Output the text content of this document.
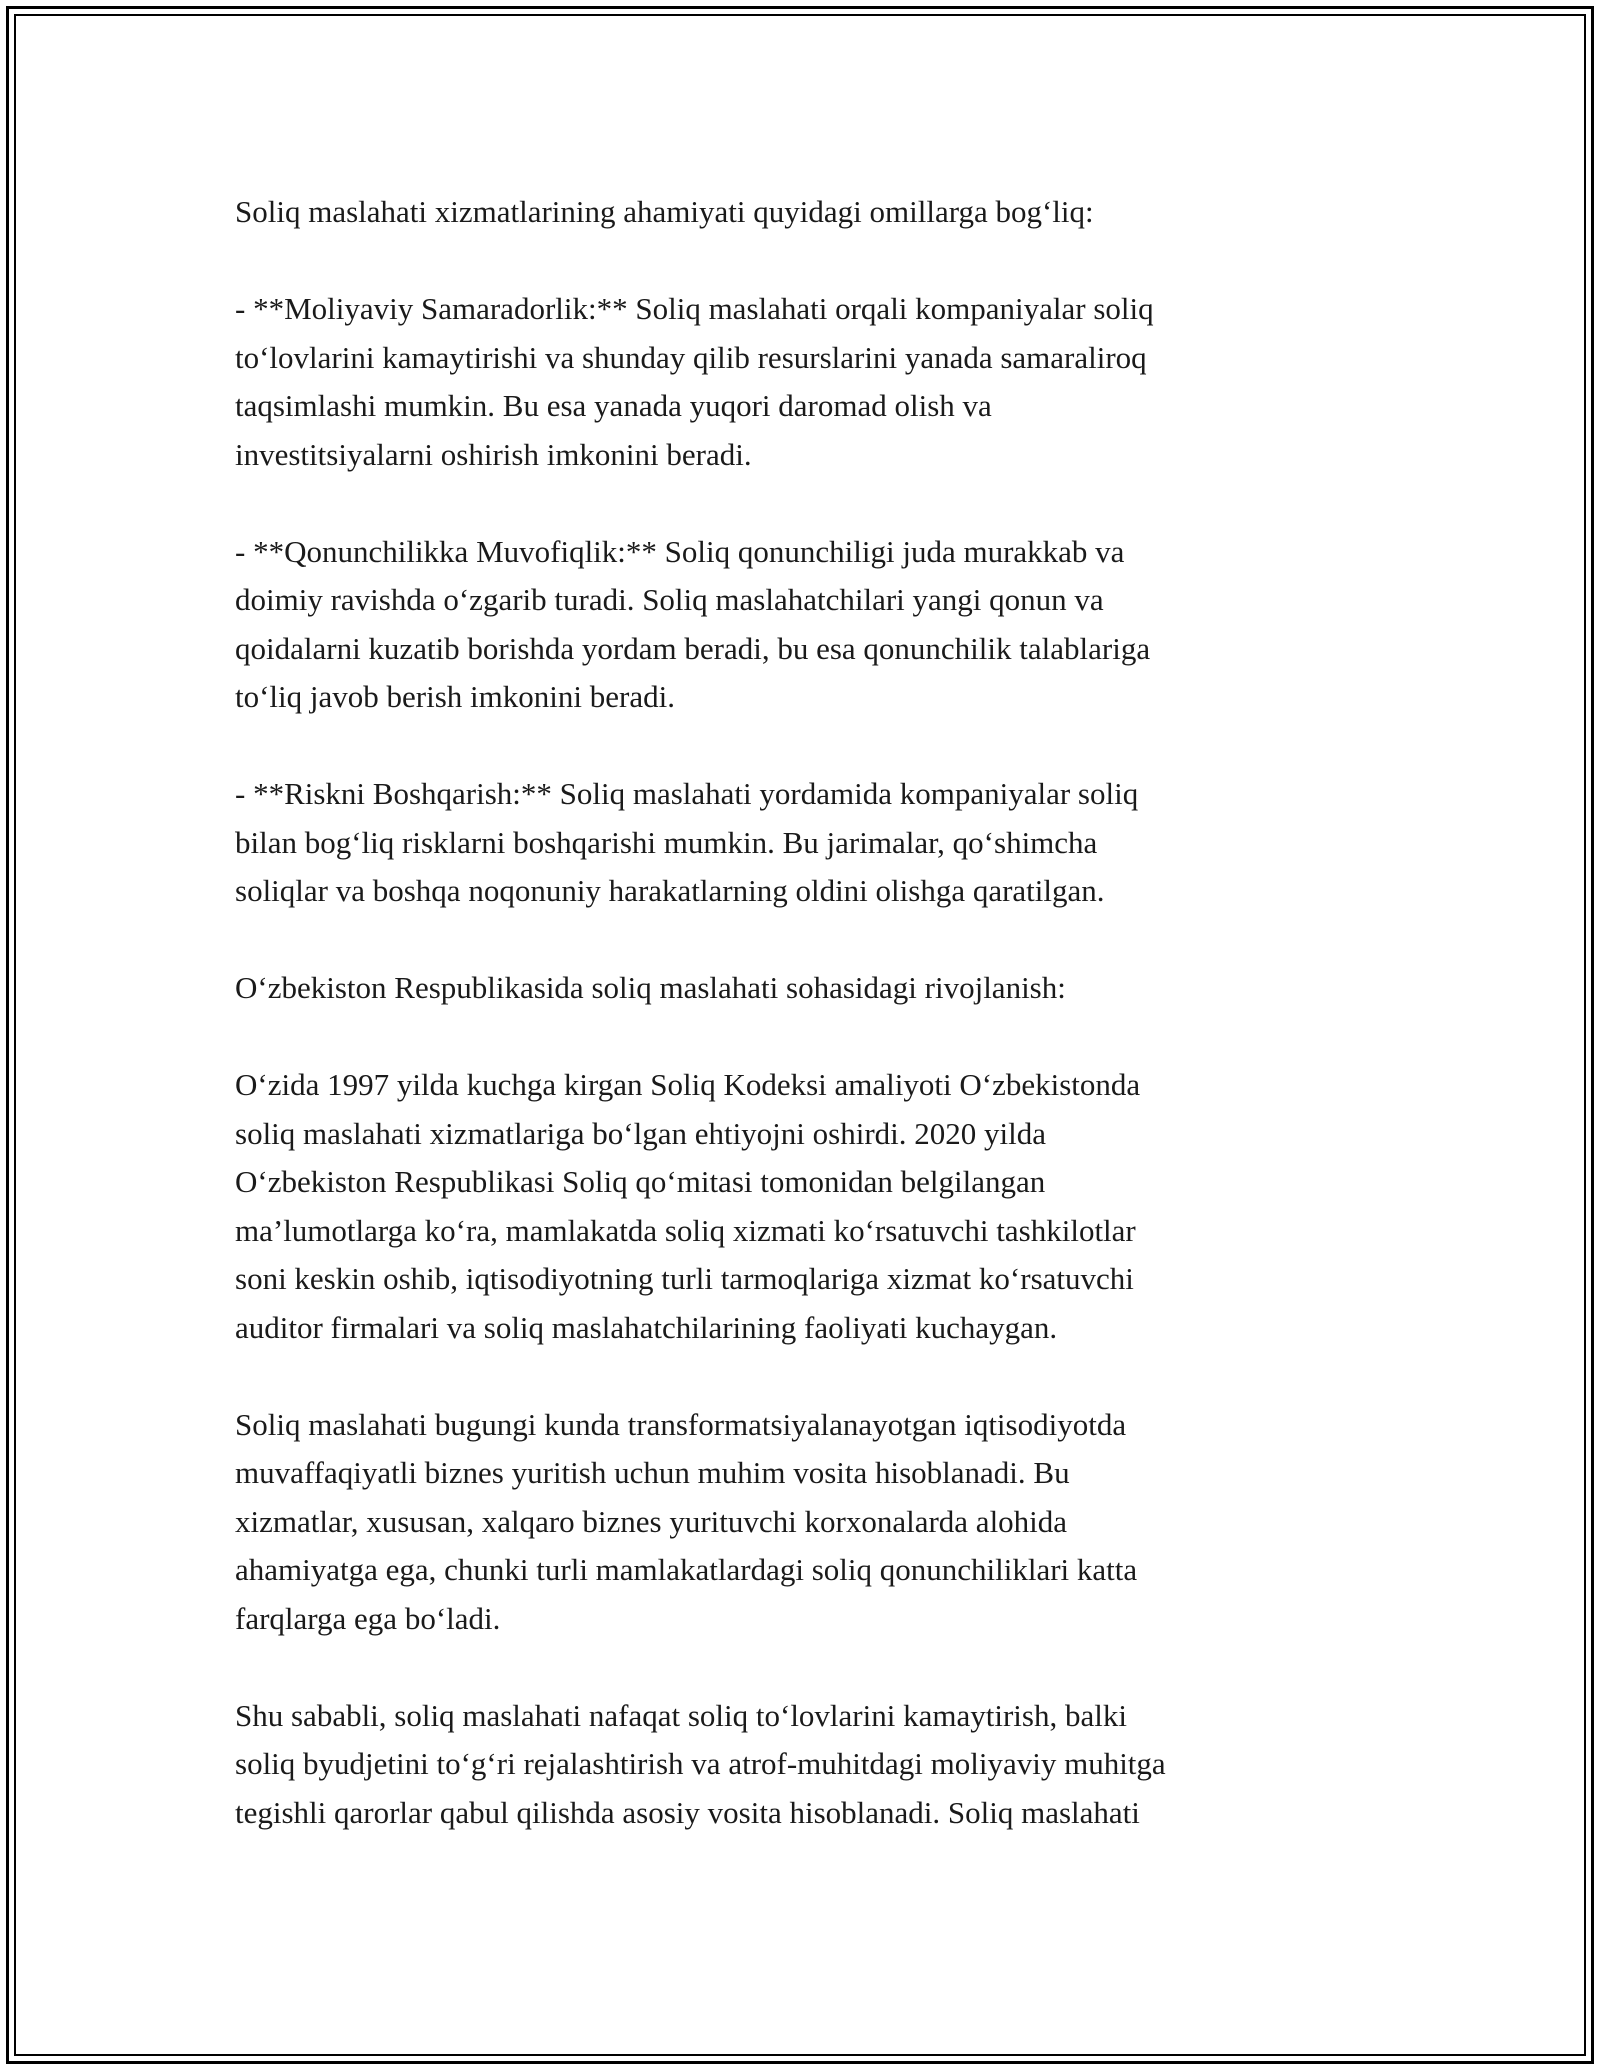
Soliq maslahati xizmatlarining ahamiyati quyidagi omillarga bog‘liq:

- **Moliyaviy Samaradorlik:** Soliq maslahati orqali kompaniyalar soliq
to‘lovlarini kamaytirishi va shunday qilib resurslarini yanada samaraliroq
taqsimlashi mumkin. Bu esa yanada yuqori daromad olish va
investitsiyalarni oshirish imkonini beradi.

- **Qonunchilikka Muvofiqlik:** Soliq qonunchiligi juda murakkab va
doimiy ravishda o‘zgarib turadi. Soliq maslahatchilari yangi qonun va
qoidalarni kuzatib borishda yordam beradi, bu esa qonunchilik talablariga
to‘liq javob berish imkonini beradi.

- **Riskni Boshqarish:** Soliq maslahati yordamida kompaniyalar soliq
bilan bog‘liq risklarni boshqarishi mumkin. Bu jarimalar, qo‘shimcha
soliqlar va boshqa noqonuniy harakatlarning oldini olishga qaratilgan.

O‘zbekiston Respublikasida soliq maslahati sohasidagi rivojlanish:

O‘zida 1997 yilda kuchga kirgan Soliq Kodeksi amaliyoti O‘zbekistonda
soliq maslahati xizmatlariga bo‘lgan ehtiyojni oshirdi. 2020 yilda
O‘zbekiston Respublikasi Soliq qo‘mitasi tomonidan belgilangan
ma’lumotlarga ko‘ra, mamlakatda soliq xizmati ko‘rsatuvchi tashkilotlar
soni keskin oshib, iqtisodiyotning turli tarmoqlariga xizmat ko‘rsatuvchi
auditor firmalari va soliq maslahatchilarining faoliyati kuchaygan.

Soliq maslahati bugungi kunda transformatsiyalanayotgan iqtisodiyotda
muvaffaqiyatli biznes yuritish uchun muhim vosita hisoblanadi. Bu
xizmatlar, xususan, xalqaro biznes yurituvchi korxonalarda alohida
ahamiyatga ega, chunki turli mamlakatlardagi soliq qonunchiliklari katta
farqlarga ega bo‘ladi.

Shu sababli, soliq maslahati nafaqat soliq to‘lovlarini kamaytirish, balki
soliq byudjetini to‘g‘ri rejalashtirish va atrof-muhitdagi moliyaviy muhitga
tegishli qarorlar qabul qilishda asosiy vosita hisoblanadi. Soliq maslahati
